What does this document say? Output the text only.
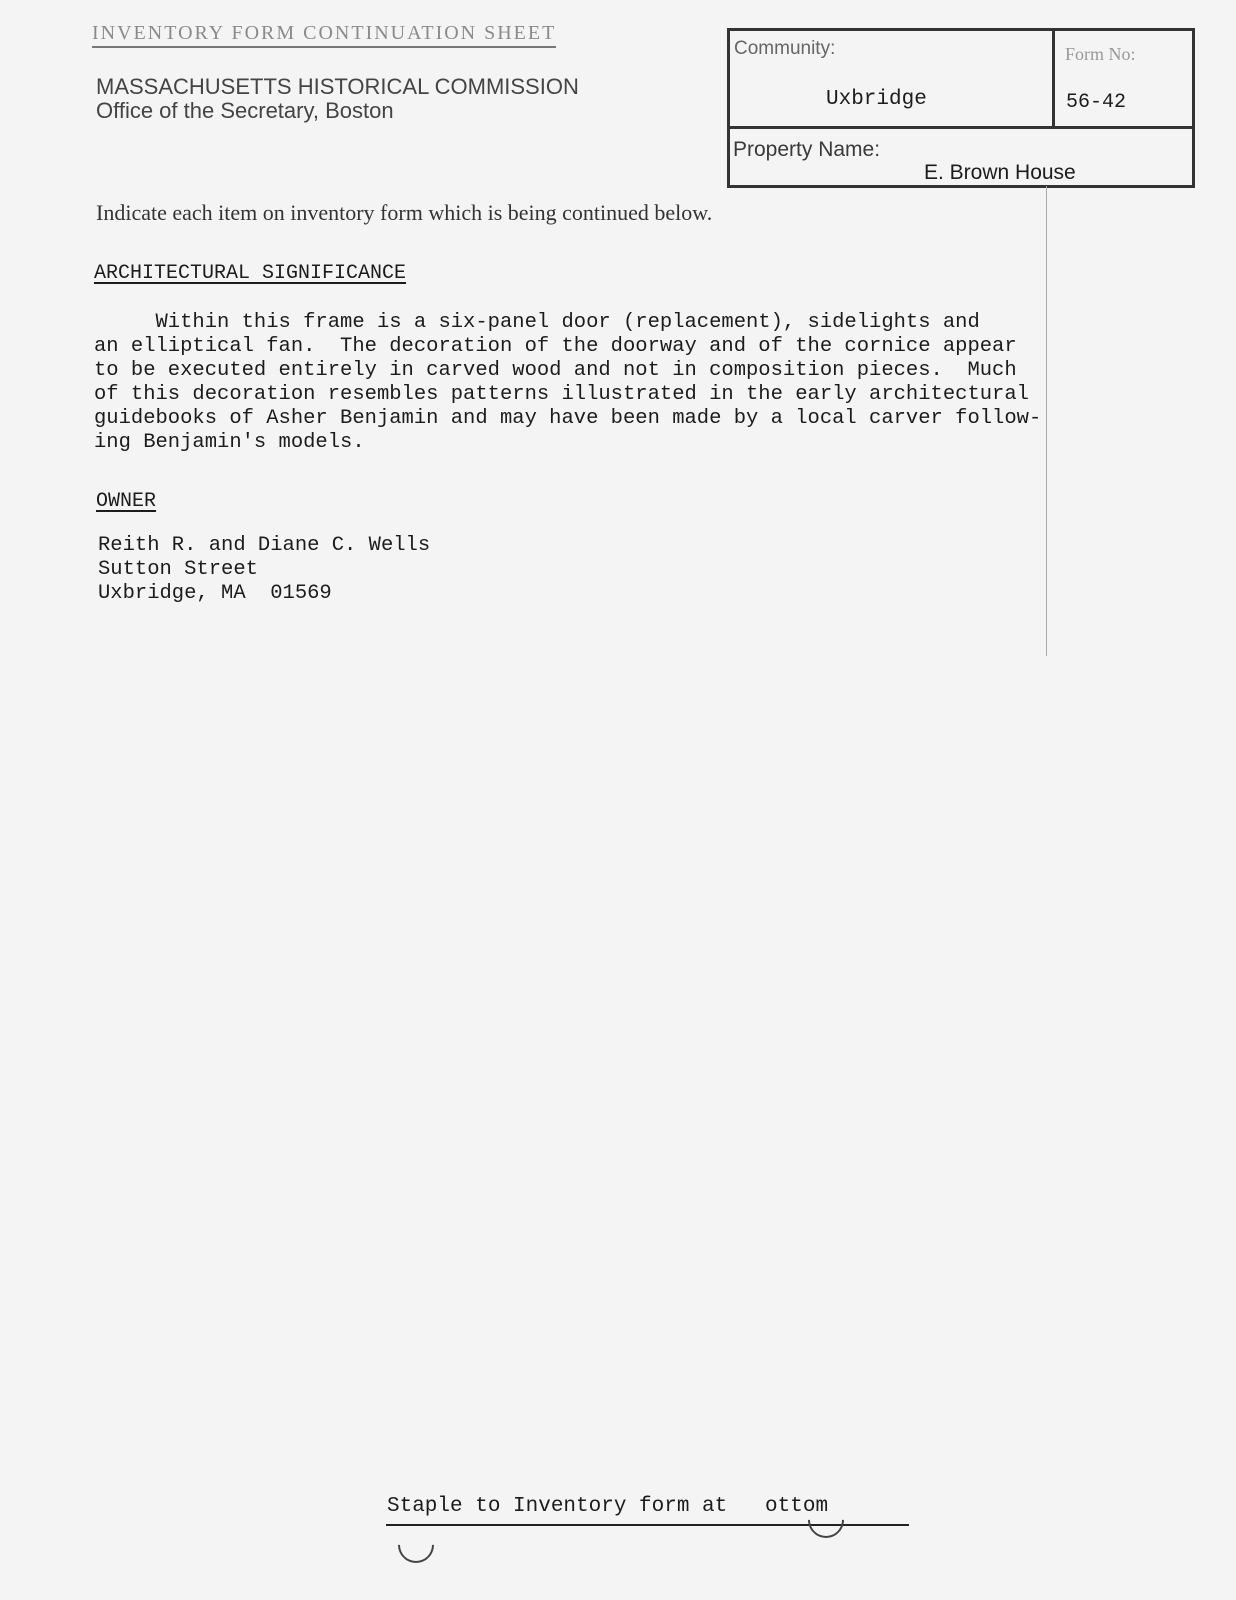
INVENTORY FORM CONTINUATION SHEET
MASSACHUSETTS HISTORICAL COMMISSION
Office of the Secretary, Boston
Community:
Uxbridge
Form No:
56-42
Property Name:
E. Brown House
Indicate each item on inventory form which is being continued below.
ARCHITECTURAL SIGNIFICANCE
Within this frame is a six-panel door (replacement), sidelights and
an elliptical fan.  The decoration of the doorway and of the cornice appear
to be executed entirely in carved wood and not in composition pieces.  Much
of this decoration resembles patterns illustrated in the early architectural
guidebooks of Asher Benjamin and may have been made by a local carver follow-
ing Benjamin's models.
OWNER
Reith R. and Diane C. Wells
Sutton Street
Uxbridge, MA  01569
Staple to Inventory form at   ottom
